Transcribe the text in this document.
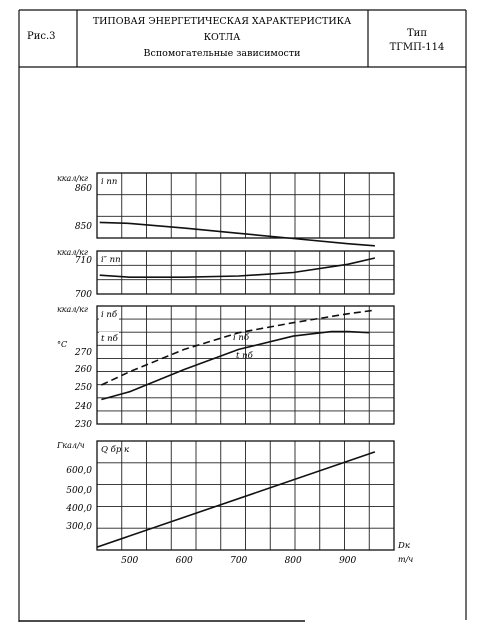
Рис.3
ТИПОВАЯ ЭНЕРГЕТИЧЕСКАЯ ХАРАКТЕРИСТИКА
КОТЛА
Вспомогательные зависимости
Тип
ТГМП-114
860
850
ккал/кг i пп
710
700
ккал/кг
i″ пп
270
260
250
240
230
ккал/кг
°С
i пб
t пб	i пб
t пб
600,0
500,0
400,0
300,0
Гкал/ч Q бр к
500	600	700	800	900
Dк
т/ч
